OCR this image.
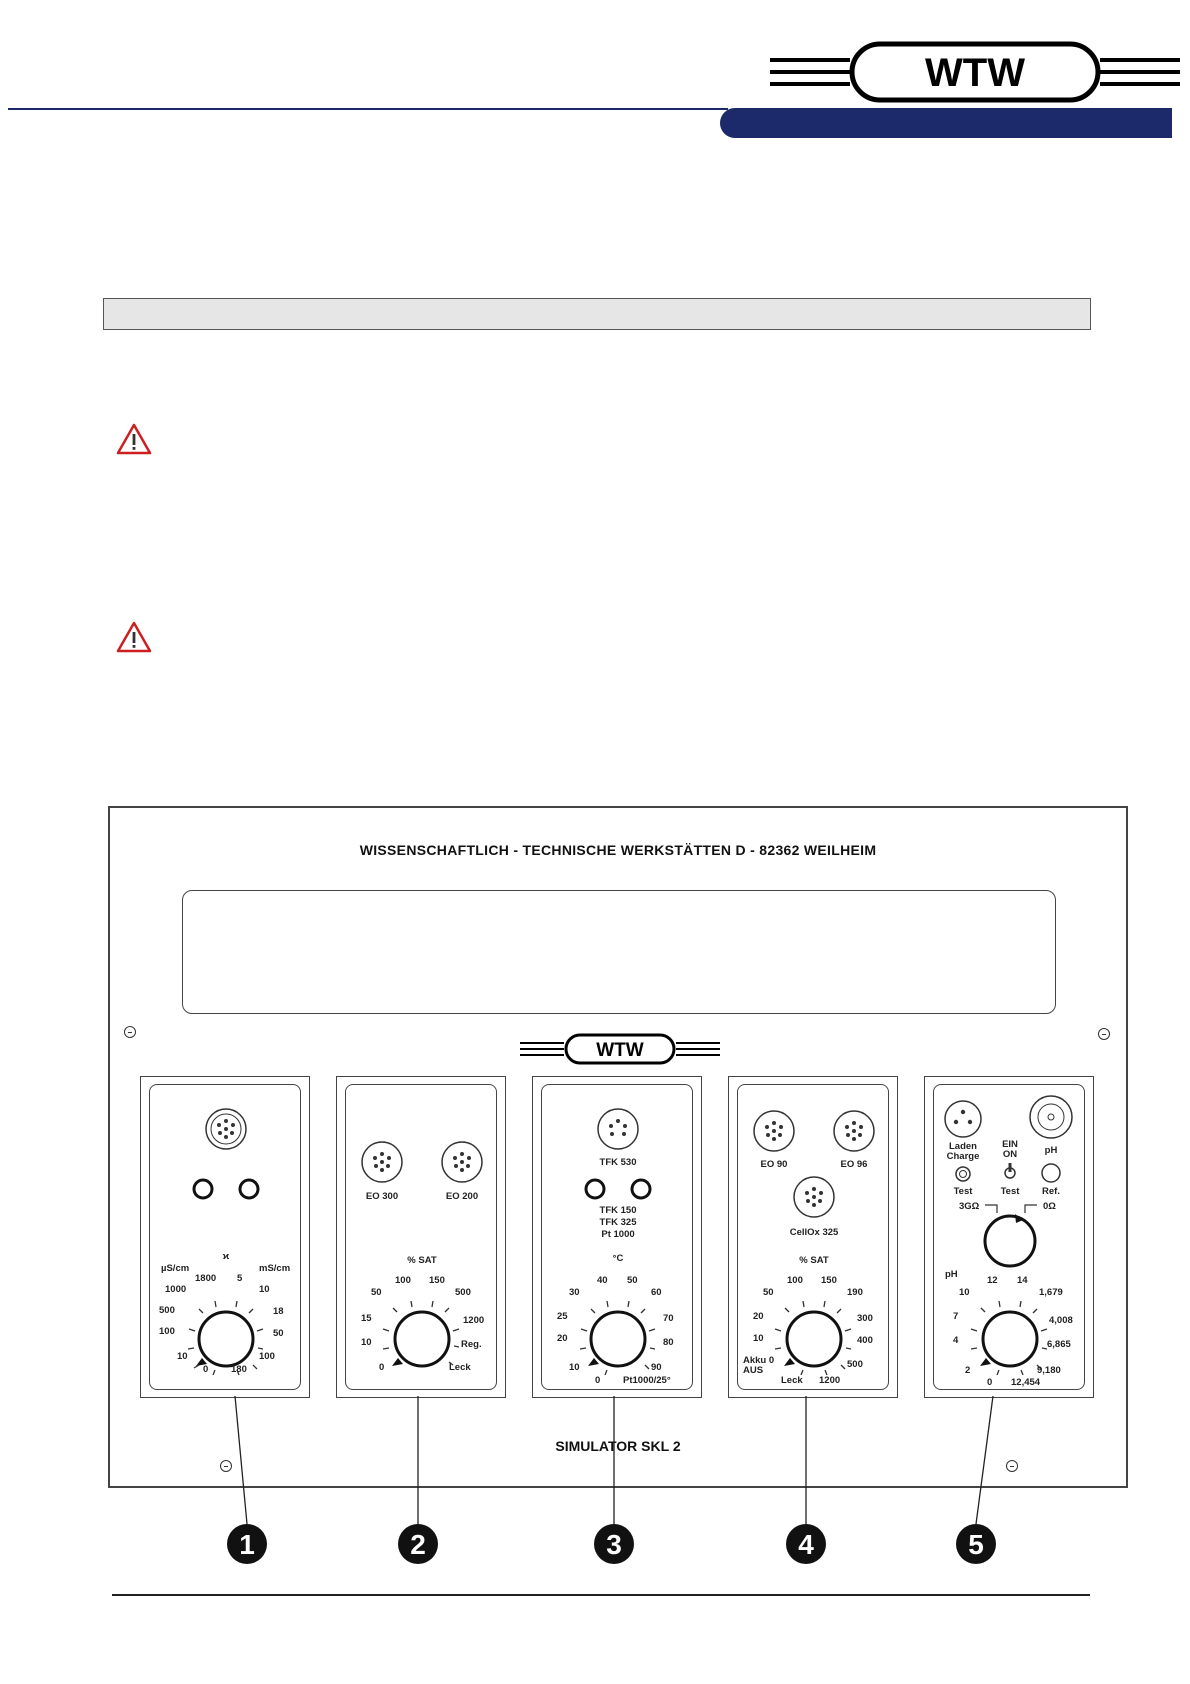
WTW
WISSENSCHAFTLICH - TECHNISCHE WERKSTÄTTEN D - 82362 WEILHEIM
WTW
µS/cm
ϰ
mS/cm
1000
500
100
10
0 180
100
50
18
10
5
1800
EO 300	EO 200
% SAT
50
15
10
0	Leck
Reg.
1200
500
150
100
TFK 530
TFK 150
TFK 325
Pt 1000
°C
30
25
20
10
0 Pt1000/25°
90
80
70
60
50
40
EO 90	EO 96
CellOx 325
% SAT
50
20
10
Akku 0
AUS
Leck 1200
500
400
300
190
150
100
Laden
Charge
EIN
ON	pH
Test	Test Ref.
3GΩ	0Ω
pH
10
7
4
2
0 12,454
9,180
6,865
4,008
1,679
14
12
SIMULATOR SKL 2
1	2	3	4	5
